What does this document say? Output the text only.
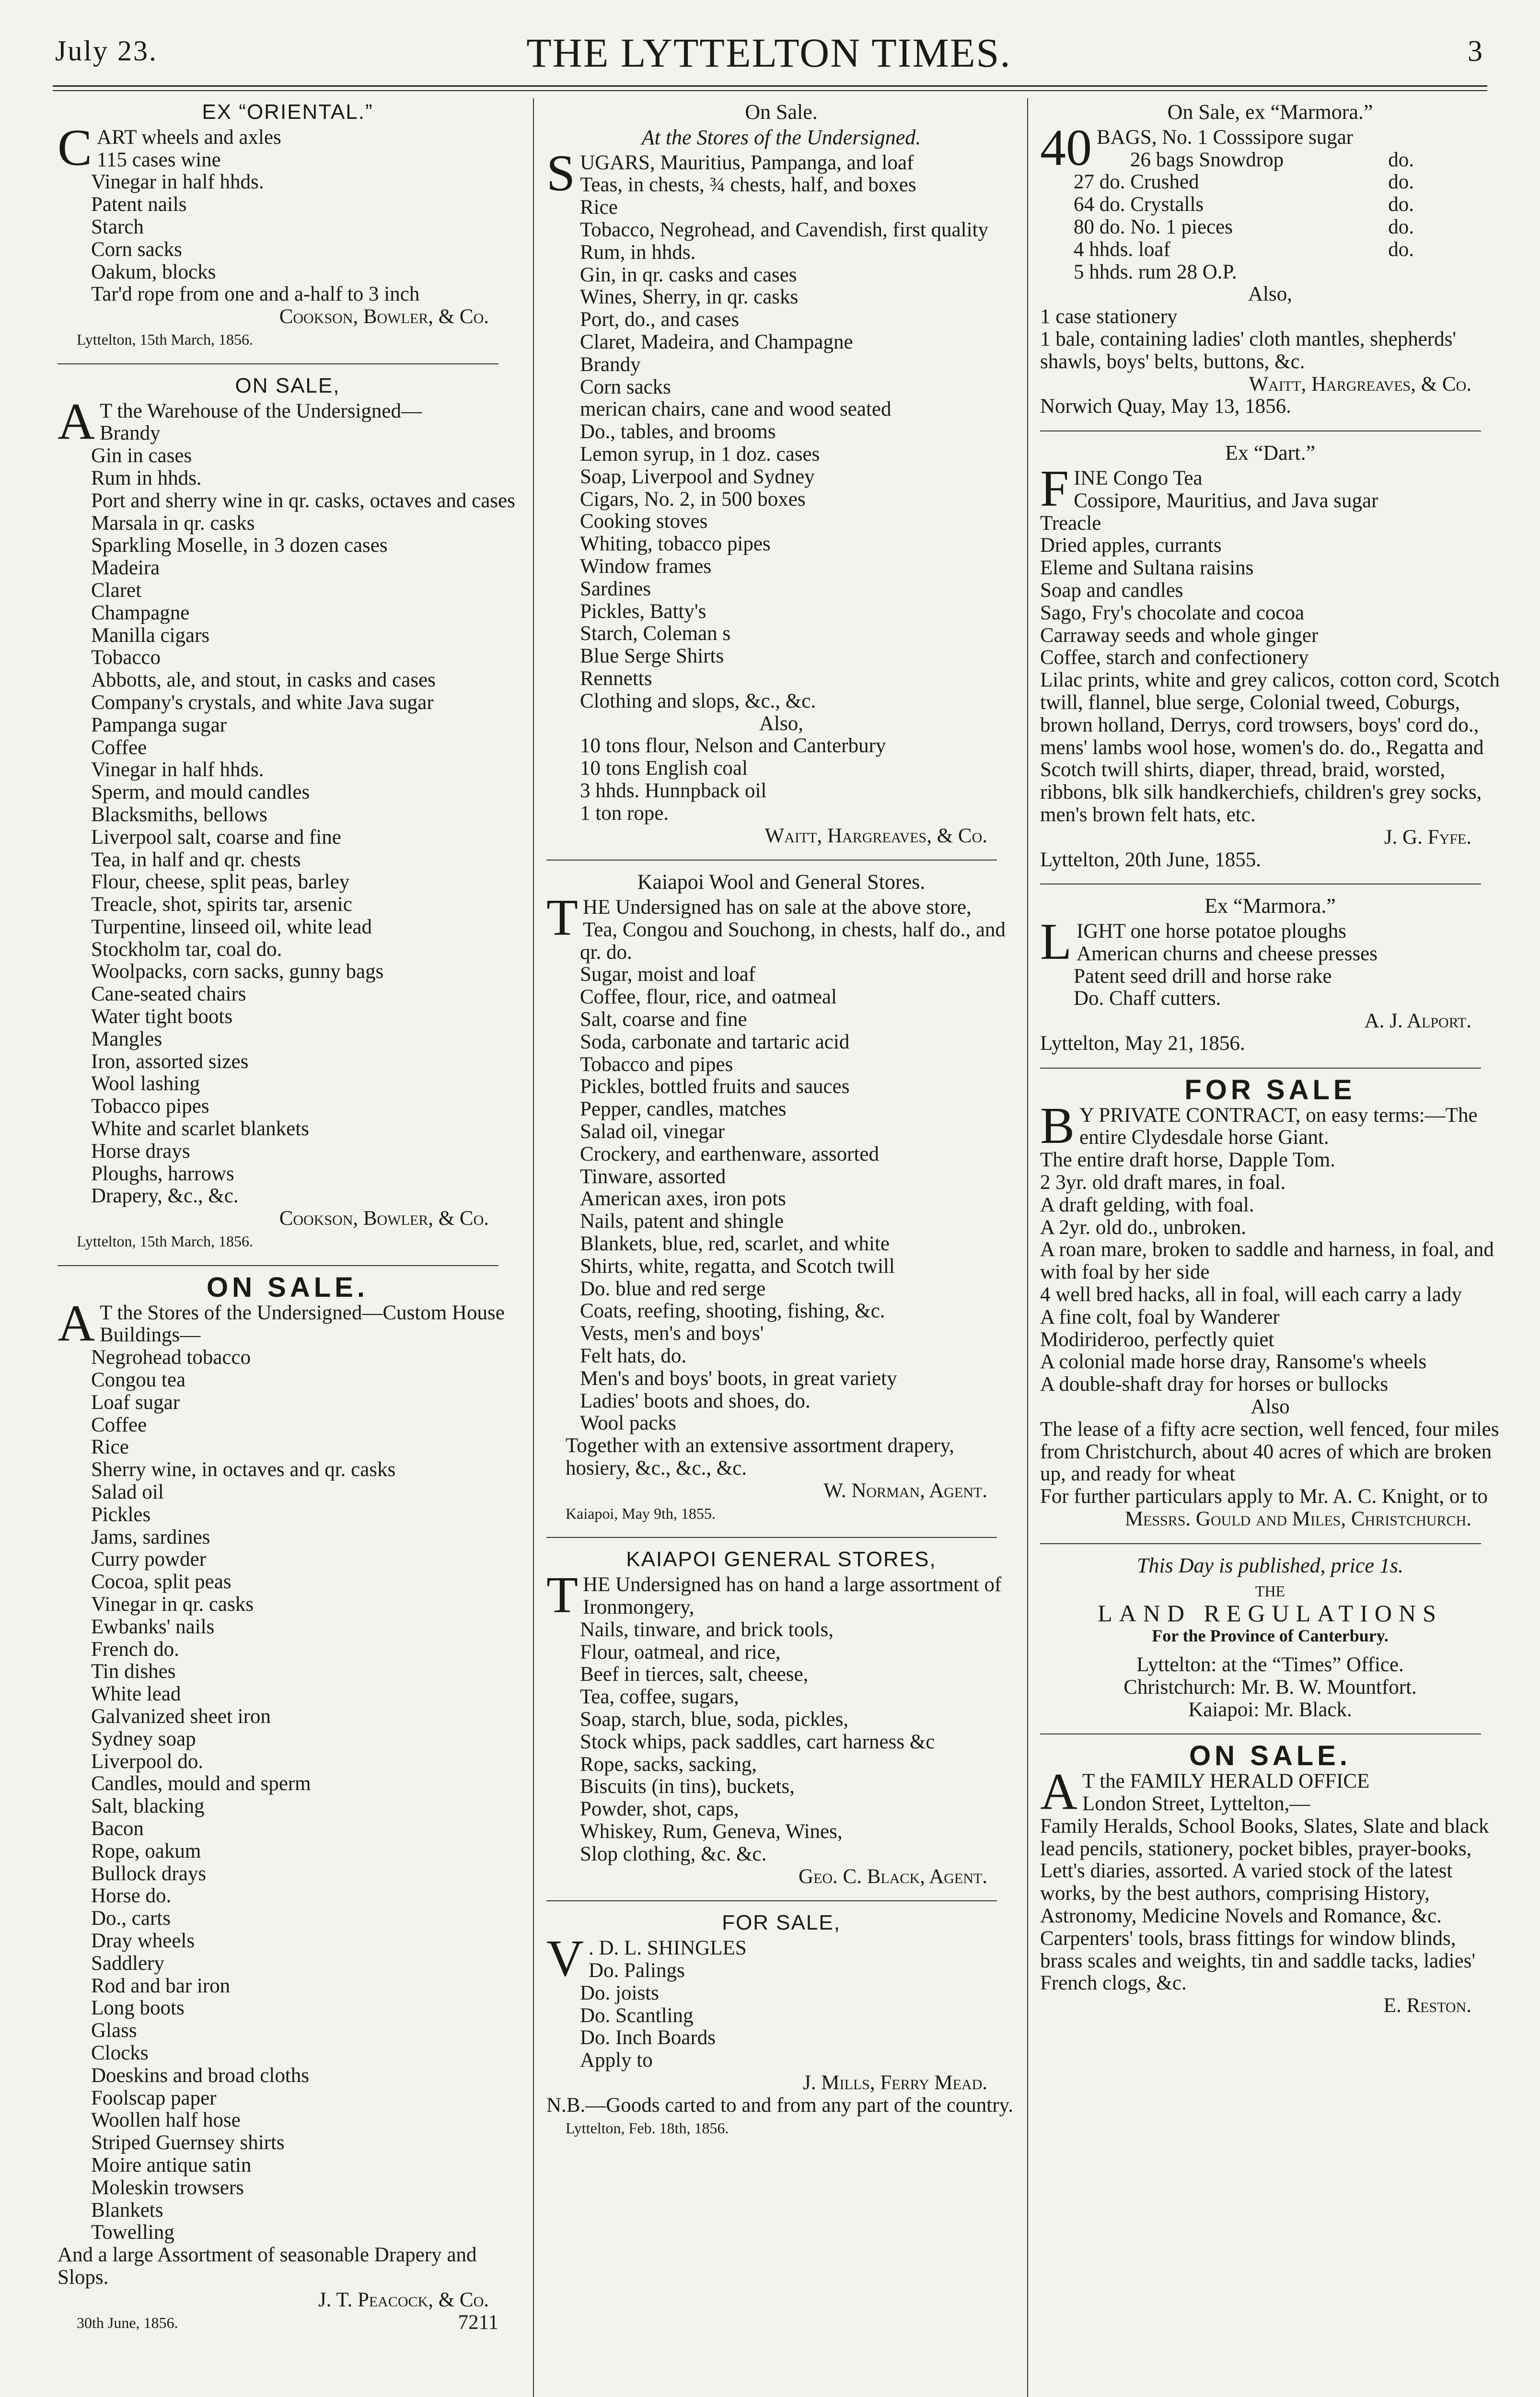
July 23.	THE LYTTELTON TIMES.	3
EX “ORIENTAL.”
CART wheels and axles
115 cases wine
Vinegar in half hhds.
Patent nails
Starch
Corn sacks
Oakum, blocks
Tar'd rope from one and a-half to 3 inch
Cookson, Bowler, & Co.
Lyttelton, 15th March, 1856.
ON SALE,
A T the Warehouse of the Undersigned—
Brandy
Gin in cases
Rum in hhds.
Port and sherry wine in qr. casks, octaves and cases
Marsala in qr. casks
Sparkling Moselle, in 3 dozen cases
Madeira
Claret
Champagne
Manilla cigars
Tobacco
Abbotts, ale, and stout, in casks and cases
Company's crystals, and white Java sugar
Pampanga sugar
Coffee
Vinegar in half hhds.
Sperm, and mould candles
Blacksmiths, bellows
Liverpool salt, coarse and fine
Tea, in half and qr. chests
Flour, cheese, split peas, barley
Treacle, shot, spirits tar, arsenic
Turpentine, linseed oil, white lead
Stockholm tar, coal do.
Woolpacks, corn sacks, gunny bags
Cane-seated chairs
Water tight boots
Mangles
Iron, assorted sizes
Wool lashing
Tobacco pipes
White and scarlet blankets
Horse drays
Ploughs, harrows
Drapery, &c., &c.
Cookson, Bowler, & Co.
Lyttelton, 15th March, 1856.
ON SALE.
A T the Stores of the Undersigned—Custom House Buildings—
Negrohead tobacco
Congou tea
Loaf sugar
Coffee
Rice
Sherry wine, in octaves and qr. casks
Salad oil
Pickles
Jams, sardines
Curry powder
Cocoa, split peas
Vinegar in qr. casks
Ewbanks' nails
French do.
Tin dishes
White lead
Galvanized sheet iron
Sydney soap
Liverpool do.
Candles, mould and sperm
Salt, blacking
Bacon
Rope, oakum
Bullock drays
Horse do.
Do., carts
Dray wheels
Saddlery
Rod and bar iron
Long boots
Glass
Clocks
Doeskins and broad cloths
Foolscap paper
Woollen half hose
Striped Guernsey shirts
Moire antique satin
Moleskin trowsers
Blankets
Towelling
And a large Assortment of seasonable Drapery and Slops.
J. T. Peacock, & Co.
30th June, 1856.	7211
On Sale.
At the Stores of the Undersigned.
SUGARS, Mauritius, Pampanga, and loaf
Teas, in chests, ¾ chests, half, and boxes
Rice
Tobacco, Negrohead, and Cavendish, first quality
Rum, in hhds.
Gin, in qr. casks and cases
Wines, Sherry, in qr. casks
Port, do., and cases
Claret, Madeira, and Champagne
Brandy
Corn sacks
merican chairs, cane and wood seated
Do., tables, and brooms
Lemon syrup, in 1 doz. cases
Soap, Liverpool and Sydney
Cigars, No. 2, in 500 boxes
Cooking stoves
Whiting, tobacco pipes
Window frames
Sardines
Pickles, Batty's
Starch, Coleman s
Blue Serge Shirts
Rennetts
Clothing and slops, &c., &c.
Also,
10 tons flour, Nelson and Canterbury
10 tons English coal
3 hhds. Hunnpback oil
1 ton rope.
Waitt, Hargreaves, & Co.
Kaiapoi Wool and General Stores.
THE Undersigned has on sale at the above store,
Tea, Congou and Souchong, in chests, half do., and qr. do.
Sugar, moist and loaf
Coffee, flour, rice, and oatmeal
Salt, coarse and fine
Soda, carbonate and tartaric acid
Tobacco and pipes
Pickles, bottled fruits and sauces
Pepper, candles, matches
Salad oil, vinegar
Crockery, and earthenware, assorted
Tinware, assorted
American axes, iron pots
Nails, patent and shingle
Blankets, blue, red, scarlet, and white
Shirts, white, regatta, and Scotch twill
Do. blue and red serge
Coats, reefing, shooting, fishing, &c.
Vests, men's and boys'
Felt hats, do.
Men's and boys' boots, in great variety
Ladies' boots and shoes, do.
Wool packs
Together with an extensive assortment drapery, hosiery, &c., &c., &c.
W. Norman, Agent.
Kaiapoi, May 9th, 1855.
KAIAPOI GENERAL STORES,
THE Undersigned has on hand a large assortment of
Ironmongery,
Nails, tinware, and brick tools,
Flour, oatmeal, and rice,
Beef in tierces, salt, cheese,
Tea, coffee, sugars,
Soap, starch, blue, soda, pickles,
Stock whips, pack saddles, cart harness &c
Rope, sacks, sacking,
Biscuits (in tins), buckets,
Powder, shot, caps,
Whiskey, Rum, Geneva, Wines,
Slop clothing, &c. &c.
Geo. C. Black, Agent.
FOR SALE,
V . D. L. SHINGLES
Do. Palings
Do. joists
Do. Scantling
Do. Inch Boards
Apply to
J. Mills, Ferry Mead.
N.B.—Goods carted to and from any part of the country.
Lyttelton, Feb. 18th, 1856.
On Sale, ex “Marmora.”
40 BAGS, No. 1 Cosssipore sugar
26 bags Snowdrop	do.
27 do. Crushed	do.
64 do. Crystalls	do.
80 do. No. 1 pieces	do.
4 hhds. loaf	do.
5 hhds. rum 28 O.P.
Also,
1 case stationery
1 bale, containing ladies' cloth mantles, shepherds' shawls, boys' belts, buttons, &c.
Waitt, Hargreaves, & Co.
Norwich Quay, May 13, 1856.
Ex “Dart.”
FINE Congo Tea
Cossipore, Mauritius, and Java sugar
Treacle
Dried apples, currants
Eleme and Sultana raisins
Soap and candles
Sago, Fry's chocolate and cocoa
Carraway seeds and whole ginger
Coffee, starch and confectionery
Lilac prints, white and grey calicos, cotton cord, Scotch twill, flannel, blue serge, Colonial tweed, Coburgs, brown holland, Derrys, cord trowsers, boys' cord do., mens' lambs wool hose, women's do. do., Regatta and Scotch twill shirts, diaper, thread, braid, worsted, ribbons, blk silk handkerchiefs, children's grey socks, men's brown felt hats, etc.
J. G. Fyfe.
Lyttelton, 20th June, 1855.
Ex “Marmora.”
LIGHT one horse potatoe ploughs
American churns and cheese presses
Patent seed drill and horse rake
Do. Chaff cutters.
A. J. Alport.
Lyttelton, May 21, 1856.
FOR SALE
B Y PRIVATE CONTRACT, on easy terms:—The entire Clydesdale horse Giant.
The entire draft horse, Dapple Tom.
2 3yr. old draft mares, in foal.
A draft gelding, with foal.
A 2yr. old do., unbroken.
A roan mare, broken to saddle and harness, in foal, and with foal by her side
4 well bred hacks, all in foal, will each carry a lady
A fine colt, foal by Wanderer
Modirideroo, perfectly quiet
A colonial made horse dray, Ransome's wheels
A double-shaft dray for horses or bullocks
Also
The lease of a fifty acre section, well fenced, four miles from Christchurch, about 40 acres of which are broken up, and ready for wheat
For further particulars apply to Mr. A. C. Knight, or to
Messrs. Gould and Miles, Christchurch.
This Day is published, price 1s.
THE
LAND REGULATIONS
For the Province of Canterbury.
Lyttelton: at the “Times” Office.
Christchurch: Mr. B. W. Mountfort.
Kaiapoi: Mr. Black.
ON SALE.
A T the FAMILY HERALD OFFICE
London Street, Lyttelton,—
Family Heralds, School Books, Slates, Slate and black lead pencils, stationery, pocket bibles, prayer-books, Lett's diaries, assorted. A varied stock of the latest works, by the best authors, comprising History, Astronomy, Medicine Novels and Romance, &c.
Carpenters' tools, brass fittings for window blinds, brass scales and weights, tin and saddle tacks, ladies' French clogs, &c.
E. Reston.
